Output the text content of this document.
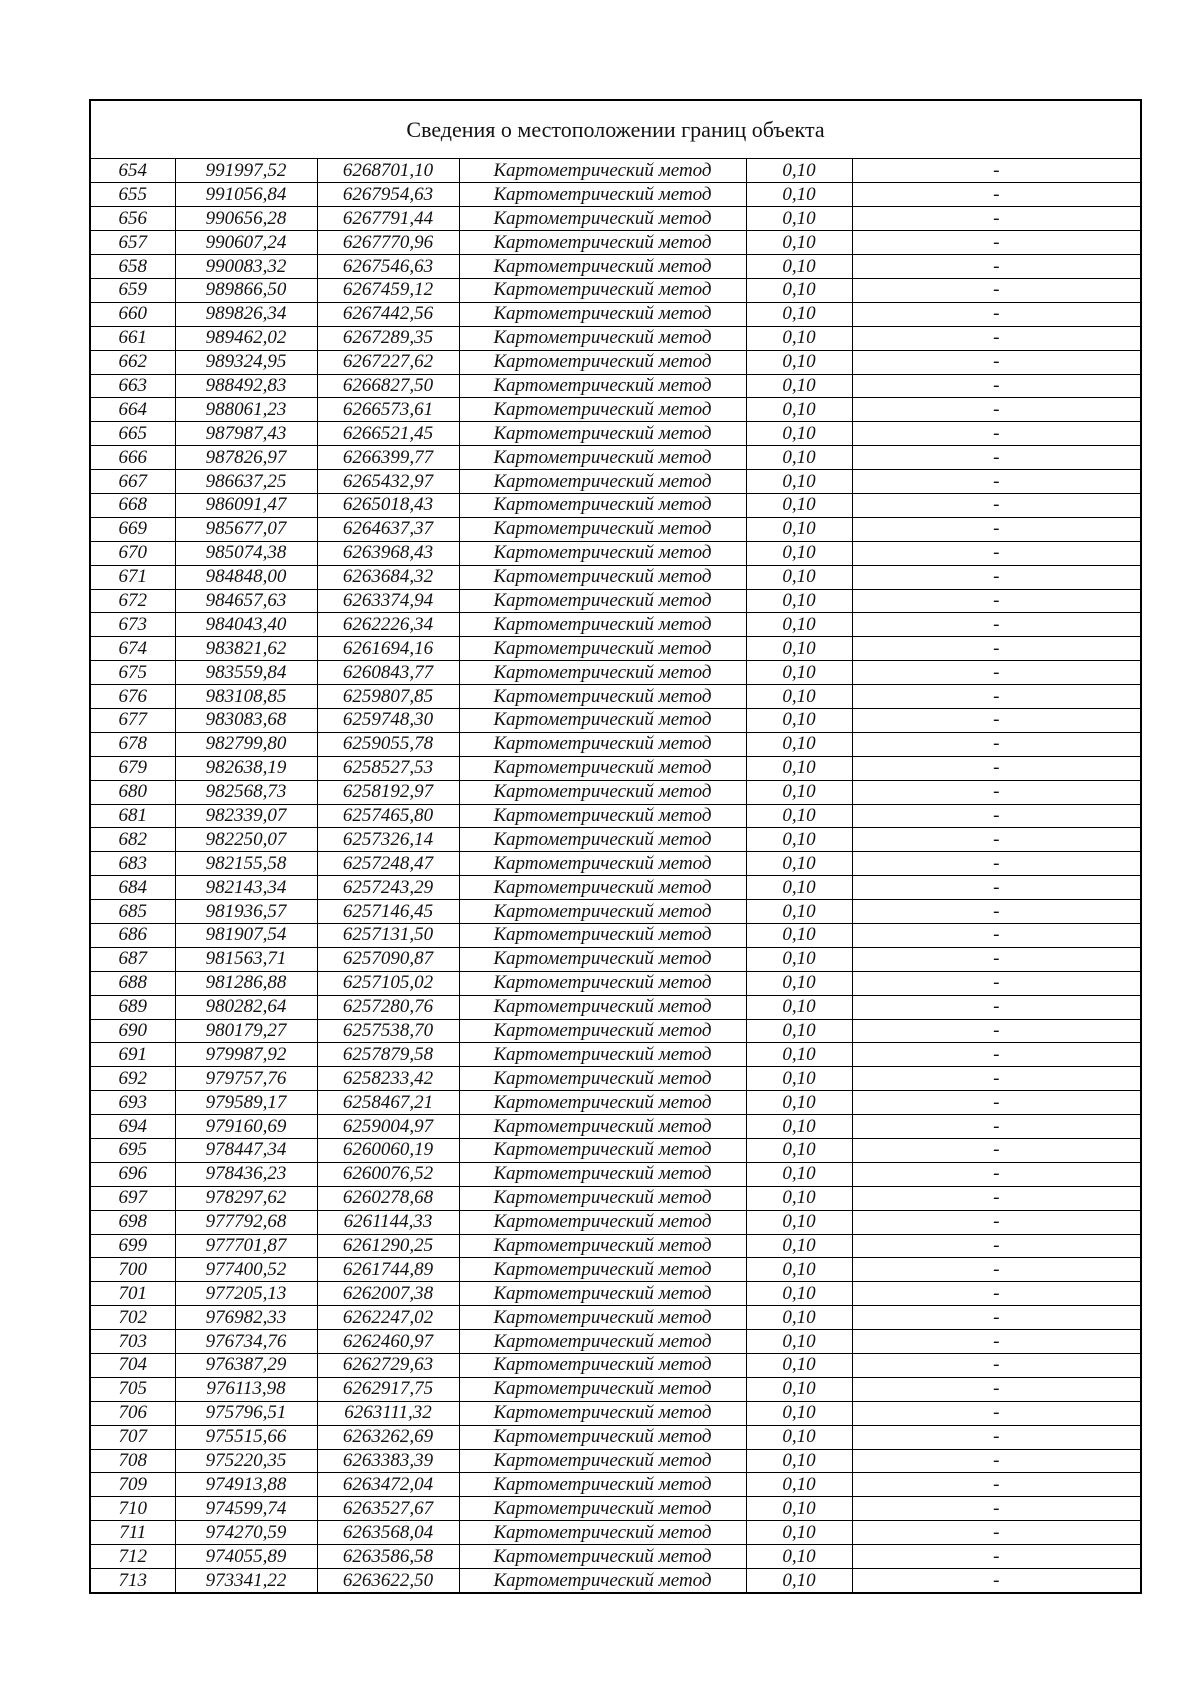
Сведения о местоположении границ объекта
654	991997,52	6268701,10	Картометрический метод	0,10	-
655	991056,84	6267954,63	Картометрический метод	0,10	-
656	990656,28	6267791,44	Картометрический метод	0,10	-
657	990607,24	6267770,96	Картометрический метод	0,10	-
658	990083,32	6267546,63	Картометрический метод	0,10	-
659	989866,50	6267459,12	Картометрический метод	0,10	-
660	989826,34	6267442,56	Картометрический метод	0,10	-
661	989462,02	6267289,35	Картометрический метод	0,10	-
662	989324,95	6267227,62	Картометрический метод	0,10	-
663	988492,83	6266827,50	Картометрический метод	0,10	-
664	988061,23	6266573,61	Картометрический метод	0,10	-
665	987987,43	6266521,45	Картометрический метод	0,10	-
666	987826,97	6266399,77	Картометрический метод	0,10	-
667	986637,25	6265432,97	Картометрический метод	0,10	-
668	986091,47	6265018,43	Картометрический метод	0,10	-
669	985677,07	6264637,37	Картометрический метод	0,10	-
670	985074,38	6263968,43	Картометрический метод	0,10	-
671	984848,00	6263684,32	Картометрический метод	0,10	-
672	984657,63	6263374,94	Картометрический метод	0,10	-
673	984043,40	6262226,34	Картометрический метод	0,10	-
674	983821,62	6261694,16	Картометрический метод	0,10	-
675	983559,84	6260843,77	Картометрический метод	0,10	-
676	983108,85	6259807,85	Картометрический метод	0,10	-
677	983083,68	6259748,30	Картометрический метод	0,10	-
678	982799,80	6259055,78	Картометрический метод	0,10	-
679	982638,19	6258527,53	Картометрический метод	0,10	-
680	982568,73	6258192,97	Картометрический метод	0,10	-
681	982339,07	6257465,80	Картометрический метод	0,10	-
682	982250,07	6257326,14	Картометрический метод	0,10	-
683	982155,58	6257248,47	Картометрический метод	0,10	-
684	982143,34	6257243,29	Картометрический метод	0,10	-
685	981936,57	6257146,45	Картометрический метод	0,10	-
686	981907,54	6257131,50	Картометрический метод	0,10	-
687	981563,71	6257090,87	Картометрический метод	0,10	-
688	981286,88	6257105,02	Картометрический метод	0,10	-
689	980282,64	6257280,76	Картометрический метод	0,10	-
690	980179,27	6257538,70	Картометрический метод	0,10	-
691	979987,92	6257879,58	Картометрический метод	0,10	-
692	979757,76	6258233,42	Картометрический метод	0,10	-
693	979589,17	6258467,21	Картометрический метод	0,10	-
694	979160,69	6259004,97	Картометрический метод	0,10	-
695	978447,34	6260060,19	Картометрический метод	0,10	-
696	978436,23	6260076,52	Картометрический метод	0,10	-
697	978297,62	6260278,68	Картометрический метод	0,10	-
698	977792,68	6261144,33	Картометрический метод	0,10	-
699	977701,87	6261290,25	Картометрический метод	0,10	-
700	977400,52	6261744,89	Картометрический метод	0,10	-
701	977205,13	6262007,38	Картометрический метод	0,10	-
702	976982,33	6262247,02	Картометрический метод	0,10	-
703	976734,76	6262460,97	Картометрический метод	0,10	-
704	976387,29	6262729,63	Картометрический метод	0,10	-
705	976113,98	6262917,75	Картометрический метод	0,10	-
706	975796,51	6263111,32	Картометрический метод	0,10	-
707	975515,66	6263262,69	Картометрический метод	0,10	-
708	975220,35	6263383,39	Картометрический метод	0,10	-
709	974913,88	6263472,04	Картометрический метод	0,10	-
710	974599,74	6263527,67	Картометрический метод	0,10	-
711	974270,59	6263568,04	Картометрический метод	0,10	-
712	974055,89	6263586,58	Картометрический метод	0,10	-
713	973341,22	6263622,50	Картометрический метод	0,10	-
